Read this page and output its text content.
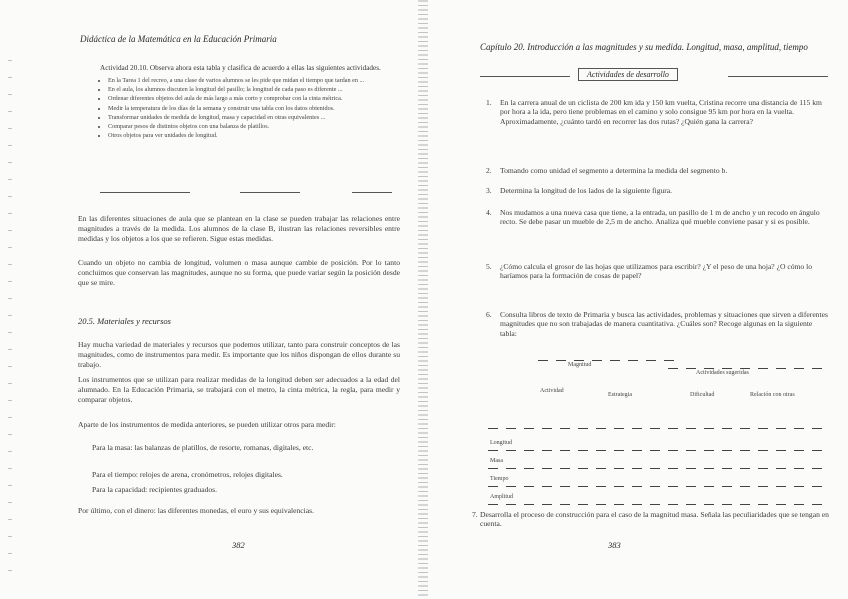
Didáctica de la Matemática en la Educación Primaria
Actividad 20.10. Observa ahora esta tabla y clasifica de acuerdo a ellas las siguientes actividades.
• En la Tarea 1 del recreo, a una clase de varios alumnos se les pide que midan el tiempo que tardan en ...
• En el aula, los alumnos discuten la longitud del pasillo; la longitud de cada paso es diferente ...
• Ordenar diferentes objetos del aula de más largo a más corto y comprobar con la cinta métrica.
• Medir la temperatura de los días de la semana y construir una tabla con los datos obtenidos.
• Transformar unidades de medida de longitud, masa y capacidad en otras equivalentes ...
• Comparar pesos de distintos objetos con una balanza de platillos.
• Otros objetos para ver unidades de longitud.
En las diferentes situaciones de aula que se plantean en la clase se pueden trabajar las relaciones entre magnitudes a través de la medida. Los alumnos de la clase B, ilustran las relaciones reversibles entre medidas y los objetos a los que se refieren. Sigue estas medidas.
Cuando un objeto no cambia de longitud, volumen o masa aunque cambie de posición. Por lo tanto concluimos que conservan las magnitudes, aunque no su forma, que puede variar según la posición desde que se mire.
20.5. Materiales y recursos
Hay mucha variedad de materiales y recursos que podemos utilizar, tanto para construir conceptos de las magnitudes, como de instrumentos para medir. Es importante que los niños dispongan de ellos durante su trabajo.
Los instrumentos que se utilizan para realizar medidas de la longitud deben ser adecuados a la edad del alumnado. En la Educación Primaria, se trabajará con el metro, la cinta métrica, la regla, para medir y comparar objetos.
Aparte de los instrumentos de medida anteriores, se pueden utilizar otros para medir:
Para la masa: las balanzas de platillos, de resorte, romanas, digitales, etc.
Para el tiempo: relojes de arena, cronómetros, relojes digitales.
Para la capacidad: recipientes graduados.
Por último, con el dinero: las diferentes monedas, el euro y sus equivalencias.
382
Capítulo 20. Introducción a las magnitudes y su medida. Longitud, masa, amplitud, tiempo
Actividades de desarrollo
1. En la carrera anual de un ciclista de 200 km ida y 150 km vuelta, Cristina recorre una distancia de 115 km por hora a la ida, pero tiene problemas en el camino y solo consigue 95 km por hora en la vuelta. Aproximadamente, ¿cuánto tardó en recorrer las dos rutas? ¿Quién gana la carrera?
2. Tomando como unidad el segmento a determina la medida del segmento b.
3. Determina la longitud de los lados de la siguiente figura.
4. Nos mudamos a una nueva casa que tiene, a la entrada, un pasillo de 1 m de ancho y un recodo en ángulo recto. Se debe pasar un mueble de 2,5 m de ancho. Analiza qué mueble conviene pasar y si es posible.
5. ¿Cómo calcula el grosor de las hojas que utilizamos para escribir? ¿Y el peso de una hoja? ¿O cómo lo haríamos para la formación de cosas de papel?
6. Consulta libros de texto de Primaria y busca las actividades, problemas y situaciones que sirven a diferentes magnitudes que no son trabajadas de manera cuantitativa. ¿Cuáles son? Recoge algunas en la siguiente tabla:
Magnitud
Actividades sugeridas
Actividad
Estrategia	Dificultad	Relación con otras
Longitud
Masa
Tiempo
Amplitud
7. Desarrolla el proceso de construcción para el caso de la magnitud masa. Señala las peculiaridades que se tengan en cuenta.
383
